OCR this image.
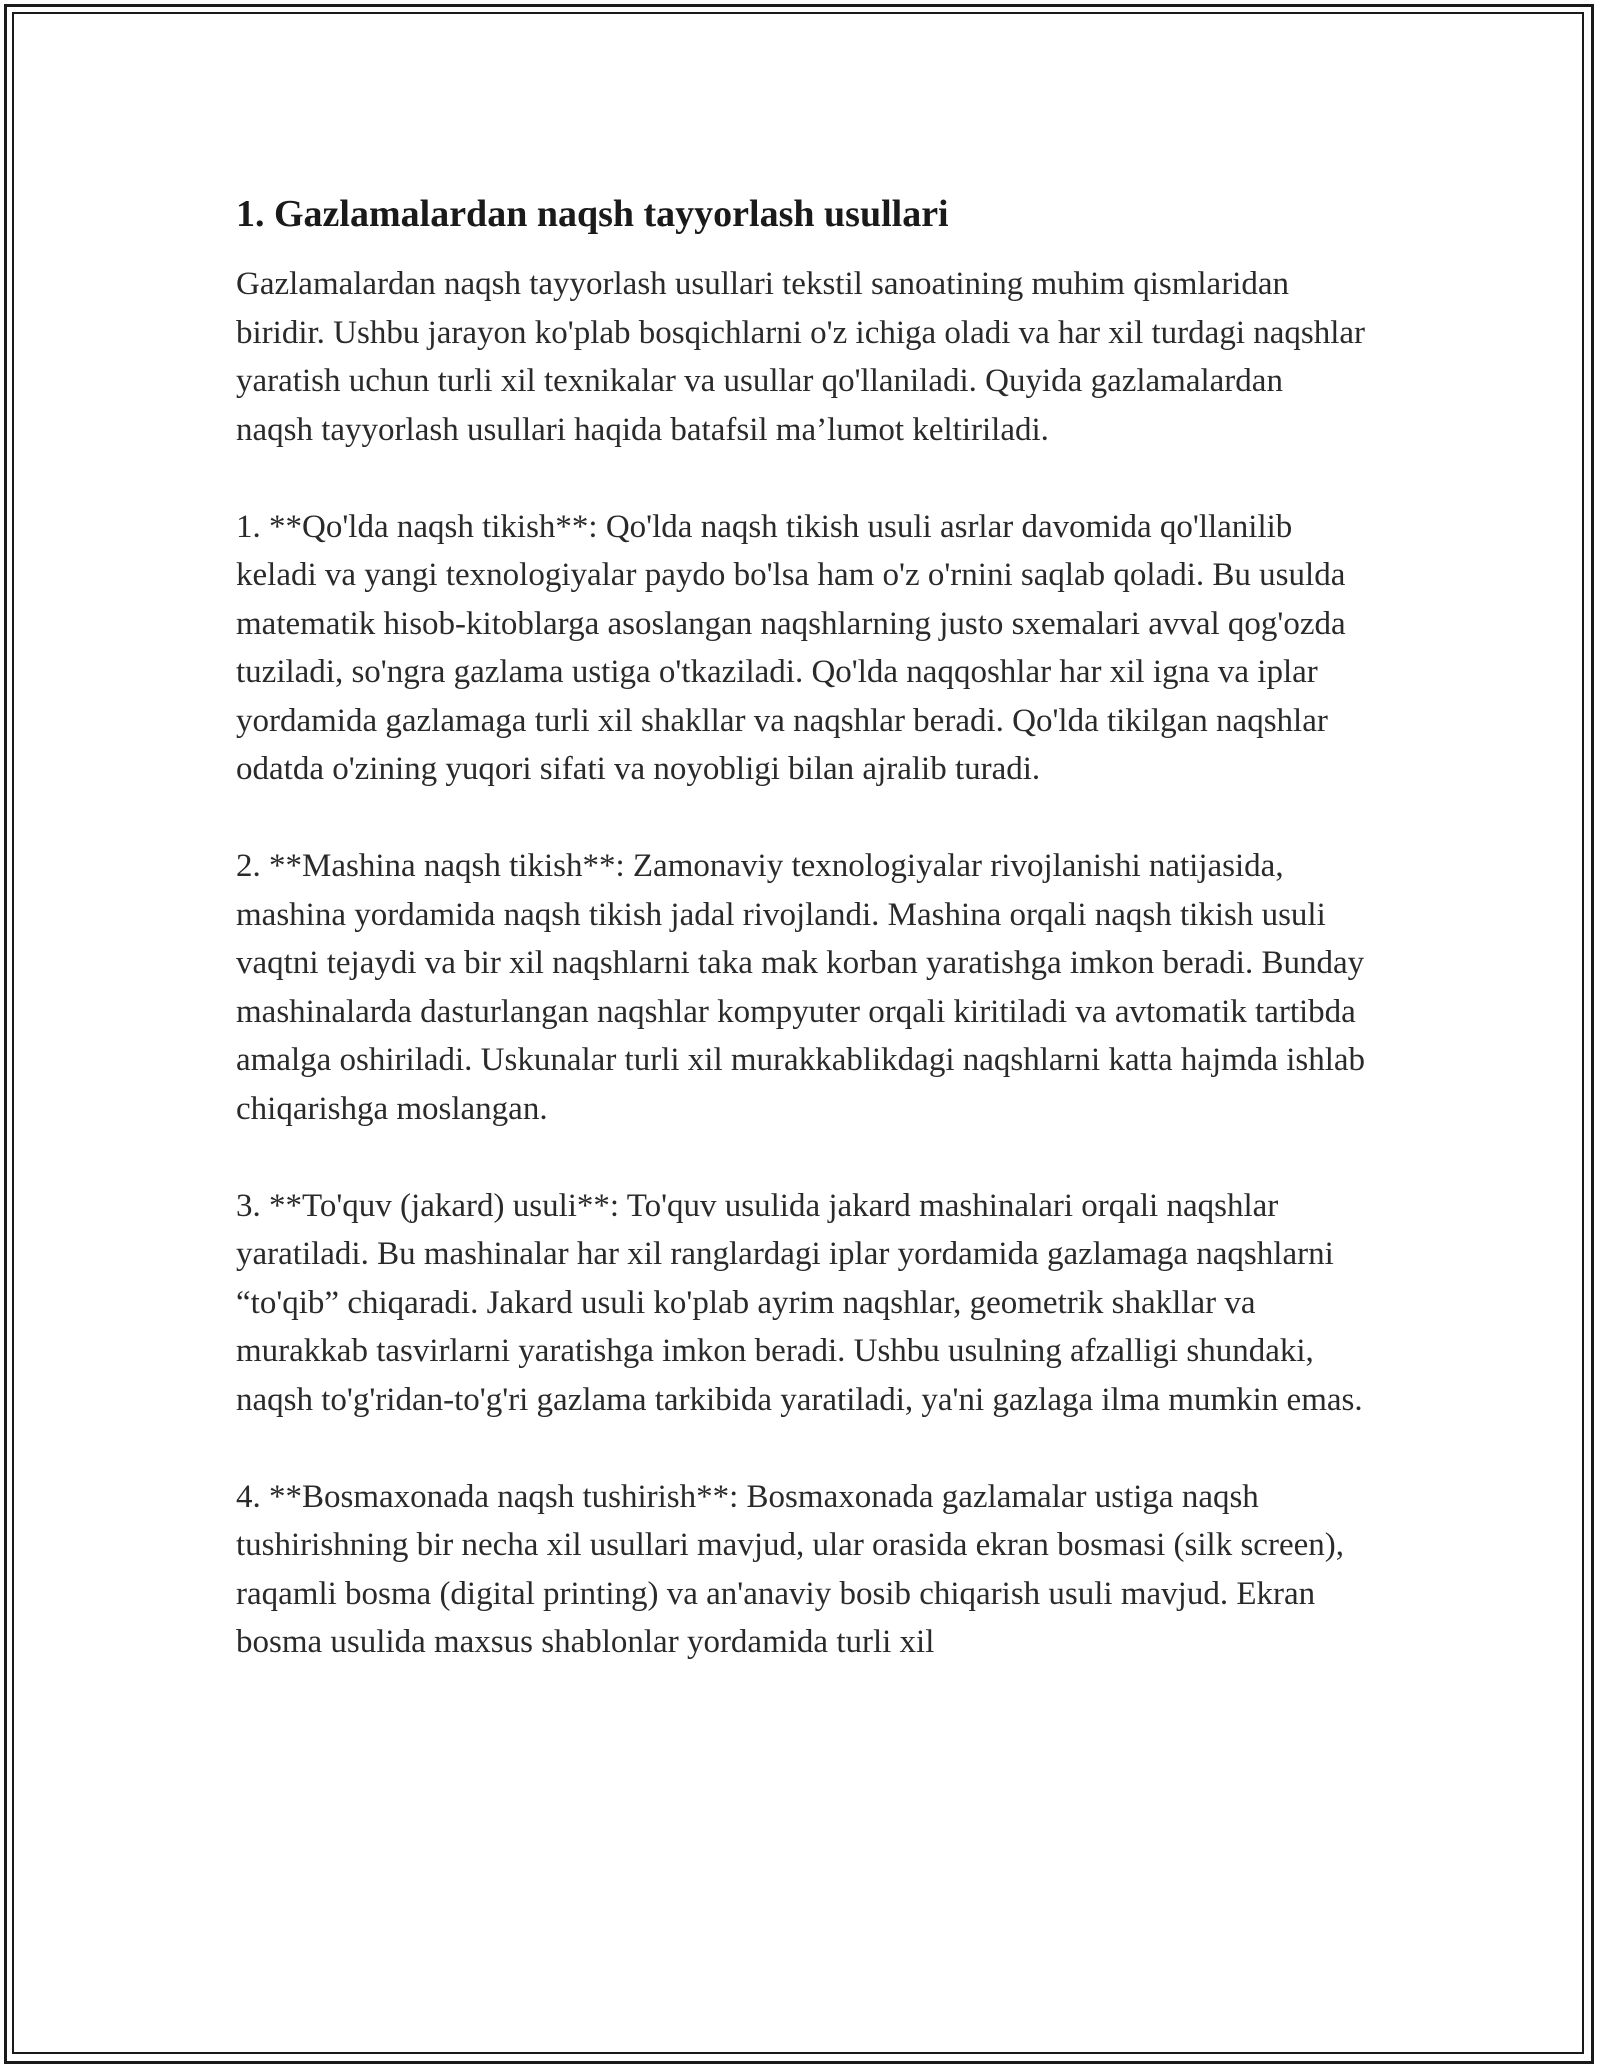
1. Gazlamalardan naqsh tayyorlash usullari

Gazlamalardan naqsh tayyorlash usullari tekstil sanoatining muhim qismlaridan biridir. Ushbu jarayon ko'plab bosqichlarni o'z ichiga oladi va har xil turdagi naqshlar yaratish uchun turli xil texnikalar va usullar qo'llaniladi. Quyida gazlamalardan naqsh tayyorlash usullari haqida batafsil ma’lumot keltiriladi.

1. **Qo'lda naqsh tikish**: Qo'lda naqsh tikish usuli asrlar davomida qo'llanilib keladi va yangi texnologiyalar paydo bo'lsa ham o'z o'rnini saqlab qoladi. Bu usulda matematik hisob-kitoblarga asoslangan naqshlarning justo sxemalari avval qog'ozda tuziladi, so'ngra gazlama ustiga o'tkaziladi. Qo'lda naqqoshlar har xil igna va iplar yordamida gazlamaga turli xil shakllar va naqshlar beradi. Qo'lda tikilgan naqshlar odatda o'zining yuqori sifati va noyobligi bilan ajralib turadi.

2. **Mashina naqsh tikish**: Zamonaviy texnologiyalar rivojlanishi natijasida, mashina yordamida naqsh tikish jadal rivojlandi. Mashina orqali naqsh tikish usuli vaqtni tejaydi va bir xil naqshlarni taka mak korban yaratishga imkon beradi. Bunday mashinalarda dasturlangan naqshlar kompyuter orqali kiritiladi va avtomatik tartibda amalga oshiriladi. Uskunalar turli xil murakkablikdagi naqshlarni katta hajmda ishlab chiqarishga moslangan.

3. **To'quv (jakard) usuli**: To'quv usulida jakard mashinalari orqali naqshlar yaratiladi. Bu mashinalar har xil ranglardagi iplar yordamida gazlamaga naqshlarni “to'qib” chiqaradi. Jakard usuli ko'plab ayrim naqshlar, geometrik shakllar va murakkab tasvirlarni yaratishga imkon beradi. Ushbu usulning afzalligi shundaki, naqsh to'g'ridan-to'g'ri gazlama tarkibida yaratiladi, ya'ni gazlaga ilma mumkin emas.

4. **Bosmaxonada naqsh tushirish**: Bosmaxonada gazlamalar ustiga naqsh tushirishning bir necha xil usullari mavjud, ular orasida ekran bosmasi (silk screen), raqamli bosma (digital printing) va an'anaviy bosib chiqarish usuli mavjud. Ekran bosma usulida maxsus shablonlar yordamida turli xil
